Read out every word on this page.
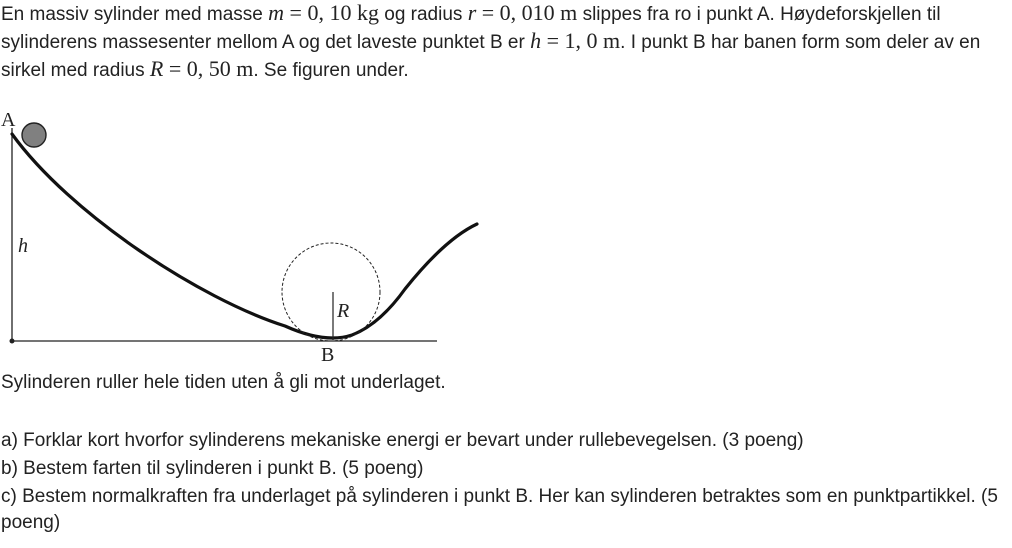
En massiv sylinder med masse m = 0, 10 kg og radius r = 0, 010 m slippes fra ro i punkt A. Høydeforskjellen til sylinderens massesenter mellom A og det laveste punktet B er h = 1, 0 m. I punkt B har banen form som deler av en sirkel med radius R = 0, 50 m. Se figuren under.
A
h
R
B
Sylinderen ruller hele tiden uten å gli mot underlaget.
a) Forklar kort hvorfor sylinderens mekaniske energi er bevart under rullebevegelsen. (3 poeng)
b) Bestem farten til sylinderen i punkt B. (5 poeng)
c) Bestem normalkraften fra underlaget på sylinderen i punkt B. Her kan sylinderen betraktes som en punktpartikkel. (5 poeng)
